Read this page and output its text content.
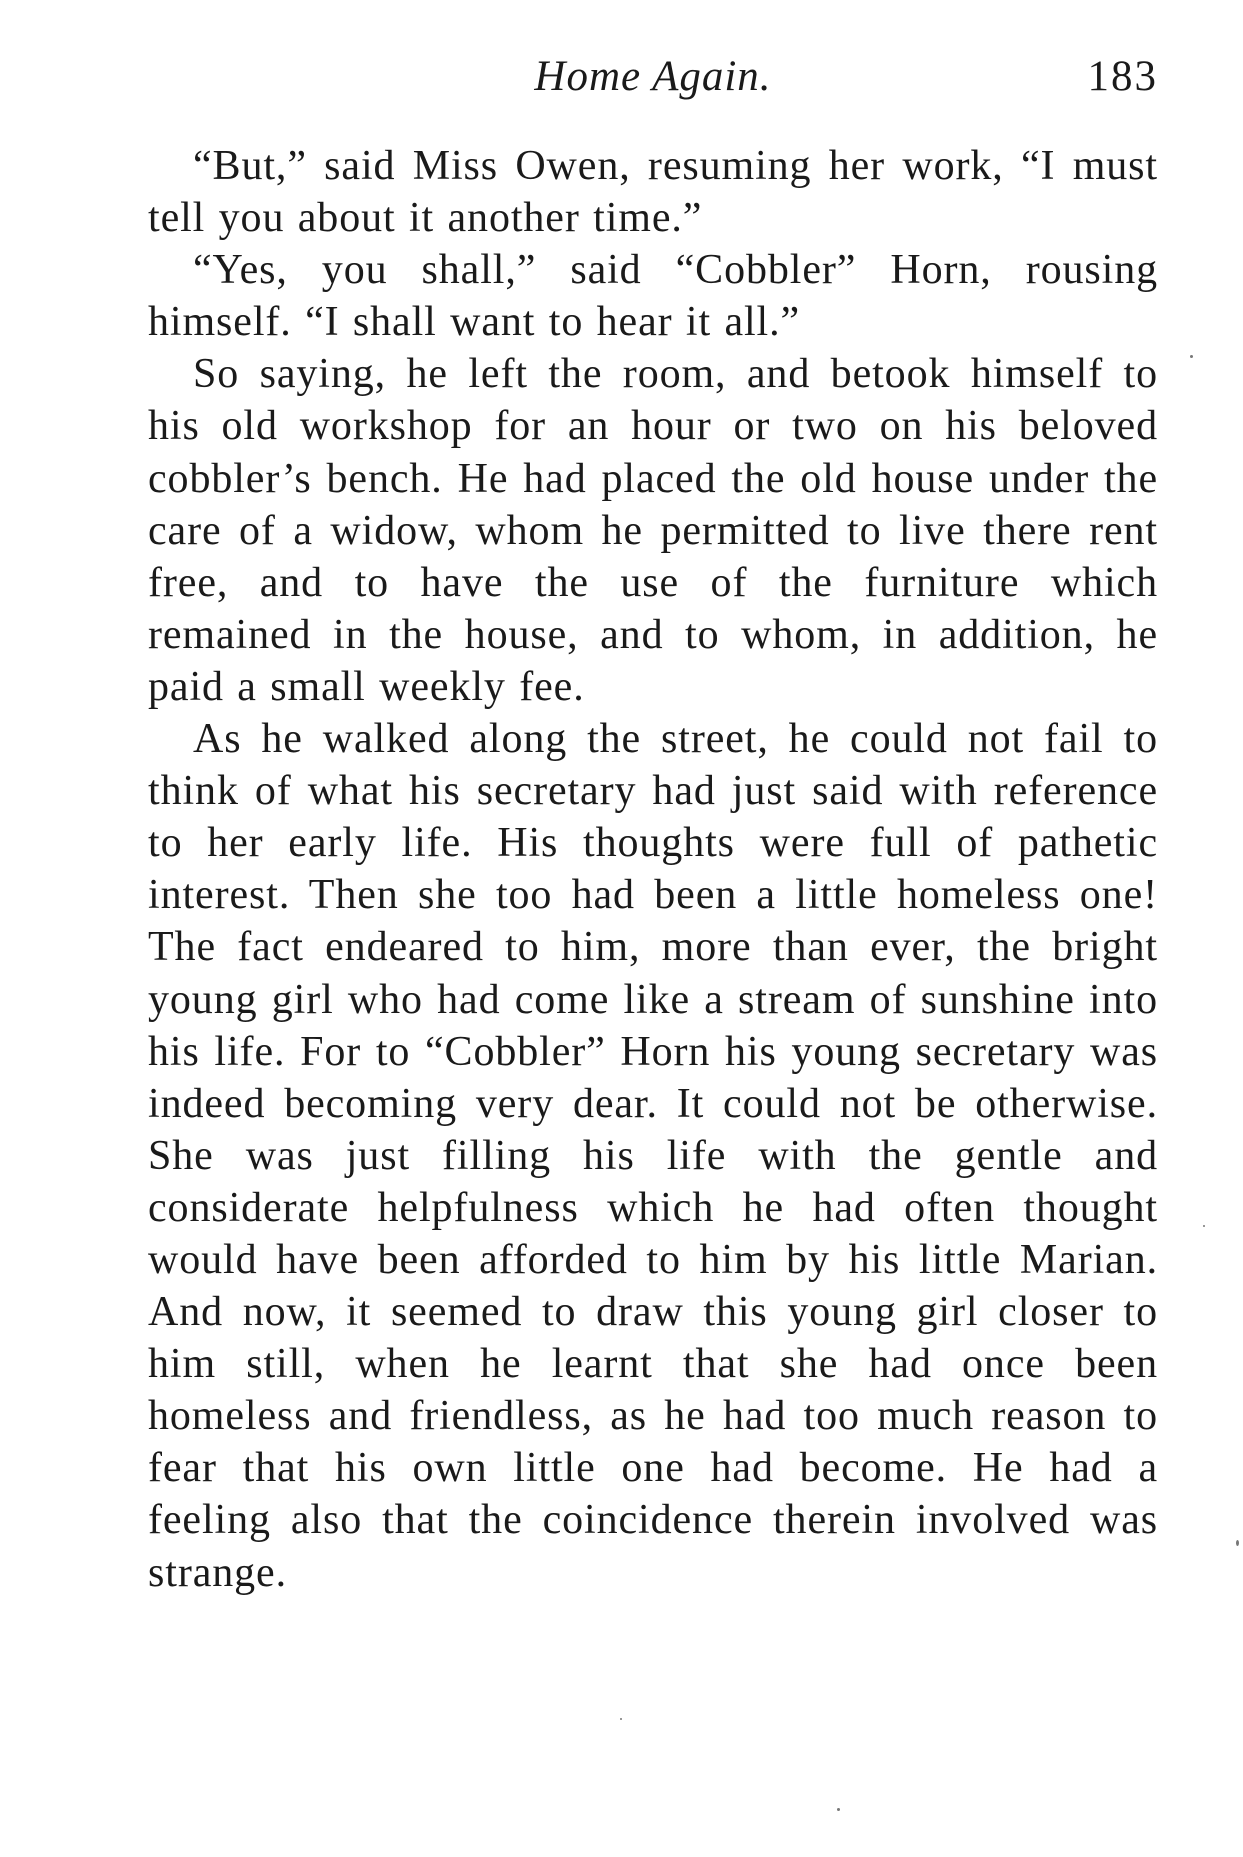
Home Again.	183

“But,” said Miss Owen, resuming her work, “I must tell you about it another time.”

“Yes, you shall,” said “Cobbler” Horn, rousing himself. “I shall want to hear it all.”

So saying, he left the room, and betook himself to his old workshop for an hour or two on his beloved cobbler’s bench. He had placed the old house under the care of a widow, whom he permitted to live there rent free, and to have the use of the furniture which remained in the house, and to whom, in addition, he paid a small weekly fee.

As he walked along the street, he could not fail to think of what his secretary had just said with reference to her early life. His thoughts were full of pathetic interest. Then she too had been a little homeless one! The fact endeared to him, more than ever, the bright young girl who had come like a stream of sunshine into his life. For to “Cobbler” Horn his young secretary was indeed becoming very dear. It could not be otherwise. She was just filling his life with the gentle and considerate helpfulness which he had often thought would have been afforded to him by his little Marian. And now, it seemed to draw this young girl closer to him still, when he learnt that she had once been homeless and friendless, as he had too much reason to fear that his own little one had become. He had a feeling also that the coincidence therein involved was strange.
